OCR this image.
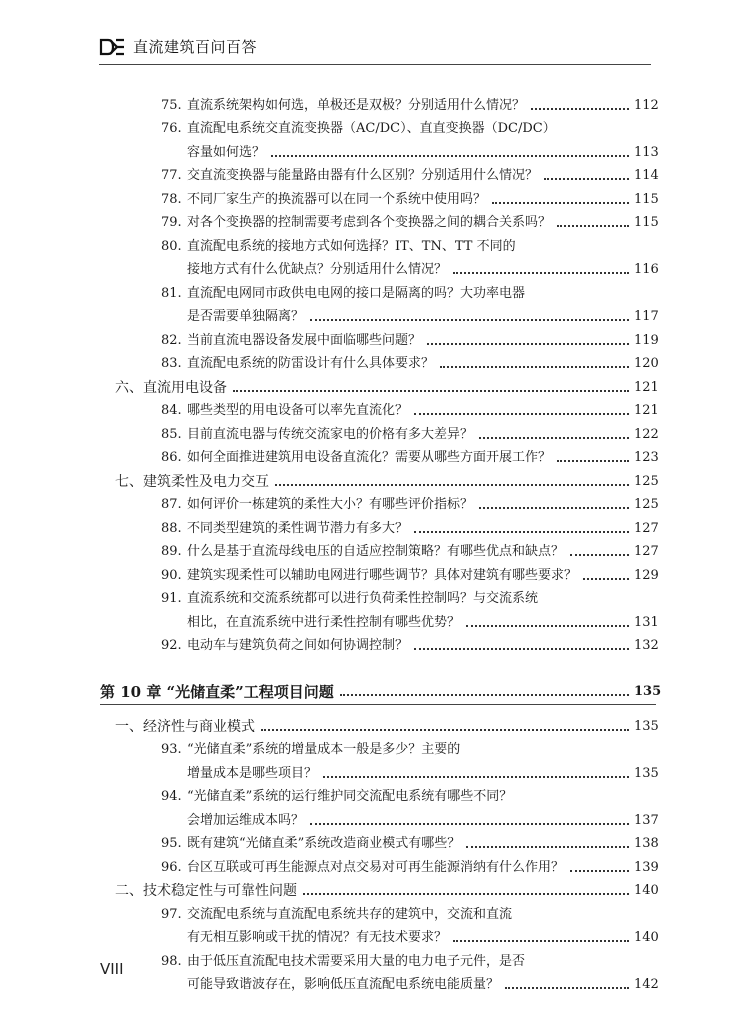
直流建筑百问百答
75. 直流系统架构如何选，单极还是双极？分别适用什么情况？	112
76. 直流配电系统交直流变换器（AC/DC）、直直变换器（DC/DC）
容量如何选？	113
77. 交直流变换器与能量路由器有什么区别？分别适用什么情况？	114
78. 不同厂家生产的换流器可以在同一个系统中使用吗？	115
79. 对各个变换器的控制需要考虑到各个变换器之间的耦合关系吗？	115
80. 直流配电系统的接地方式如何选择？IT、TN、TT 不同的
接地方式有什么优缺点？分别适用什么情况？	116
81. 直流配电网同市政供电电网的接口是隔离的吗？大功率电器
是否需要单独隔离？	117
82. 当前直流电器设备发展中面临哪些问题？	119
83. 直流配电系统的防雷设计有什么具体要求？	120
六、直流用电设备	121
84. 哪些类型的用电设备可以率先直流化？	121
85. 目前直流电器与传统交流家电的价格有多大差异？	122
86. 如何全面推进建筑用电设备直流化？需要从哪些方面开展工作？	123
七、建筑柔性及电力交互	125
87. 如何评价一栋建筑的柔性大小？有哪些评价指标？	125
88. 不同类型建筑的柔性调节潜力有多大？	127
89. 什么是基于直流母线电压的自适应控制策略？有哪些优点和缺点？	127
90. 建筑实现柔性可以辅助电网进行哪些调节？具体对建筑有哪些要求？	129
91. 直流系统和交流系统都可以进行负荷柔性控制吗？与交流系统
相比，在直流系统中进行柔性控制有哪些优势？	131
92. 电动车与建筑负荷之间如何协调控制？	132
第 10 章 “光储直柔”工程项目问题	135
一、经济性与商业模式	135
93. “光储直柔”系统的增量成本一般是多少？主要的
增量成本是哪些项目？	135
94. “光储直柔”系统的运行维护同交流配电系统有哪些不同？
会增加运维成本吗？	137
95. 既有建筑“光储直柔”系统改造商业模式有哪些？	138
96. 台区互联或可再生能源点对点交易对可再生能源消纳有什么作用？	139
二、技术稳定性与可靠性问题	140
97. 交流配电系统与直流配电系统共存的建筑中，交流和直流
有无相互影响或干扰的情况？有无技术要求？	140
98. 由于低压直流配电技术需要采用大量的电力电子元件，是否
可能导致谐波存在，影响低压直流配电系统电能质量？	142
VIII
